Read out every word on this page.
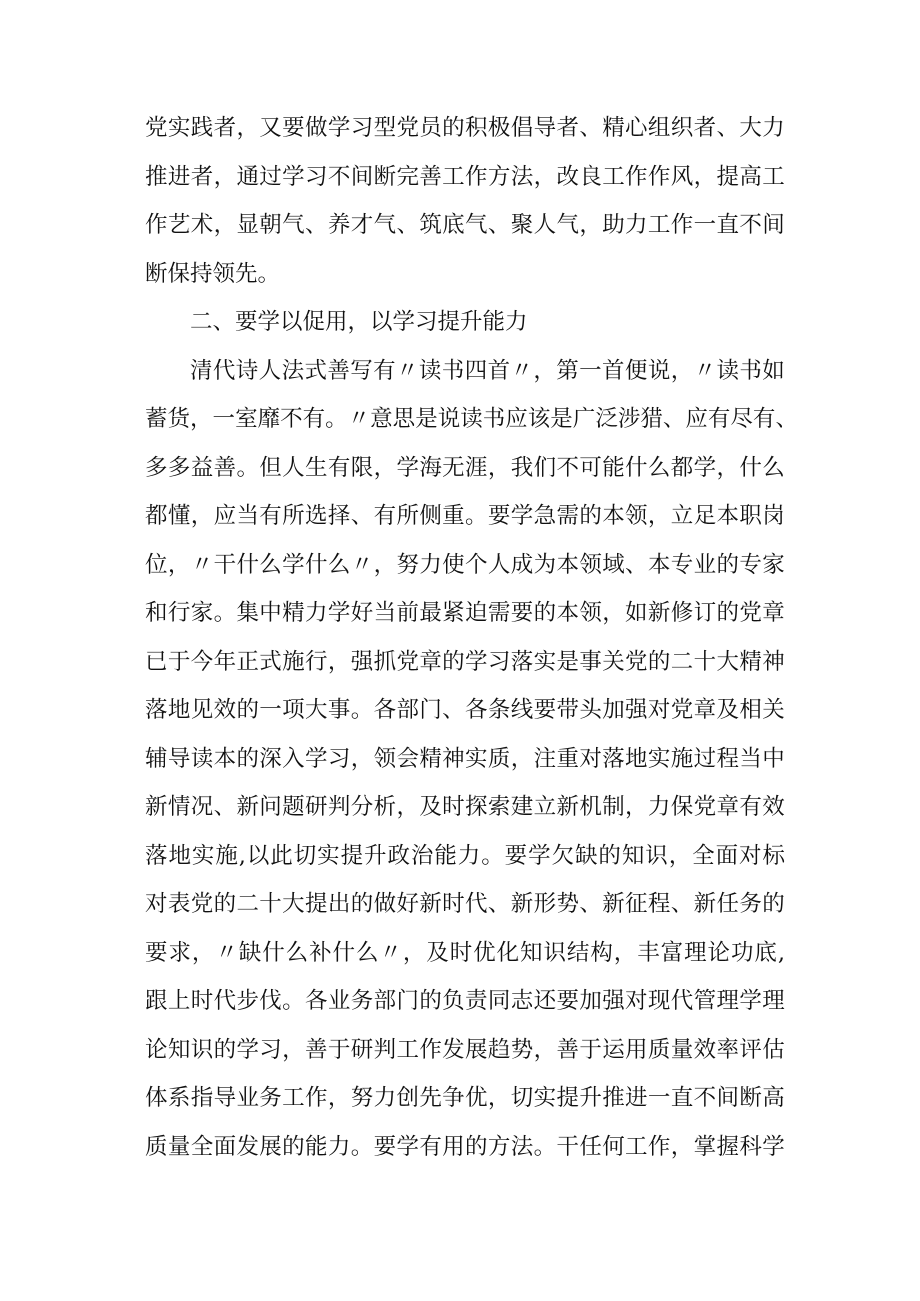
党 实 践 者 ， 又 要 做 学 习 型 党 员 的 积 极 倡 导 者 、 精 心 组 织 者 、 大 力
推 进 者 ， 通 过 学 习 不 间 断 完 善 工 作 方 法 ， 改 良 工 作 作 风 ， 提 高 工
作 艺 术 ， 显 朝 气 、 养 才 气 、 筑 底 气 、 聚 人 气 ， 助 力 工 作 一 直 不 间
断保持领先。
二、要学以促用，以学习提升能力
清 代 诗 人 法 式 善 写 有 〃 读 书 四 首 〃 ， 第 一 首 便 说 ， 〃 读 书 如
蓄 货 ， 一 室 靡 不 有 。 〃 意 思 是 说 读 书 应 该 是 广 泛 涉 猎 、 应 有 尽 有 、
多 多 益 善 。 但 人 生 有 限 ， 学 海 无 涯 ， 我 们 不 可 能 什 么 都 学 ， 什 么
都 懂 ， 应 当 有 所 选 择 、 有 所 侧 重 。 要 学 急 需 的 本 领 ， 立 足 本 职 岗
位 ， 〃 干 什 么 学 什 么 〃 ， 努 力 使 个 人 成 为 本 领 域 、 本 专 业 的 专 家
和 行 家 。 集 中 精 力 学 好 当 前 最 紧 迫 需 要 的 本 领 ， 如 新 修 订 的 党 章
已 于 今 年 正 式 施 行 ， 强 抓 党 章 的 学 习 落 实 是 事 关 党 的 二 十 大 精 神
落 地 见 效 的 一 项 大 事 。 各 部 门 、 各 条 线 要 带 头 加 强 对 党 章 及 相 关
辅 导 读 本 的 深 入 学 习 ， 领 会 精 神 实 质 ， 注 重 对 落 地 实 施 过 程 当 中
新 情 况 、 新 问 题 研 判 分 析 ， 及 时 探 索 建 立 新 机 制 ， 力 保 党 章 有 效
落 地 实 施 , 以 此 切 实 提 升 政 治 能 力 。 要 学 欠 缺 的 知 识 ， 全 面 对 标
对 表 党 的 二 十 大 提 出 的 做 好 新 时 代 、 新 形 势 、 新 征 程 、 新 任 务 的
要 求 ， 〃 缺 什 么 补 什 么 〃 ， 及 时 优 化 知 识 结 构 ， 丰 富 理 论 功 底 ,
跟 上 时 代 步 伐 。 各 业 务 部 门 的 负 责 同 志 还 要 加 强 对 现 代 管 理 学 理
论 知 识 的 学 习 ， 善 于 研 判 工 作 发 展 趋 势 ， 善 于 运 用 质 量 效 率 评 估
体 系 指 导 业 务 工 作 ， 努 力 创 先 争 优 ， 切 实 提 升 推 进 一 直 不 间 断 高
质 量 全 面 发 展 的 能 力 。 要 学 有 用 的 方 法 。 干 任 何 工 作 ， 掌 握 科 学
